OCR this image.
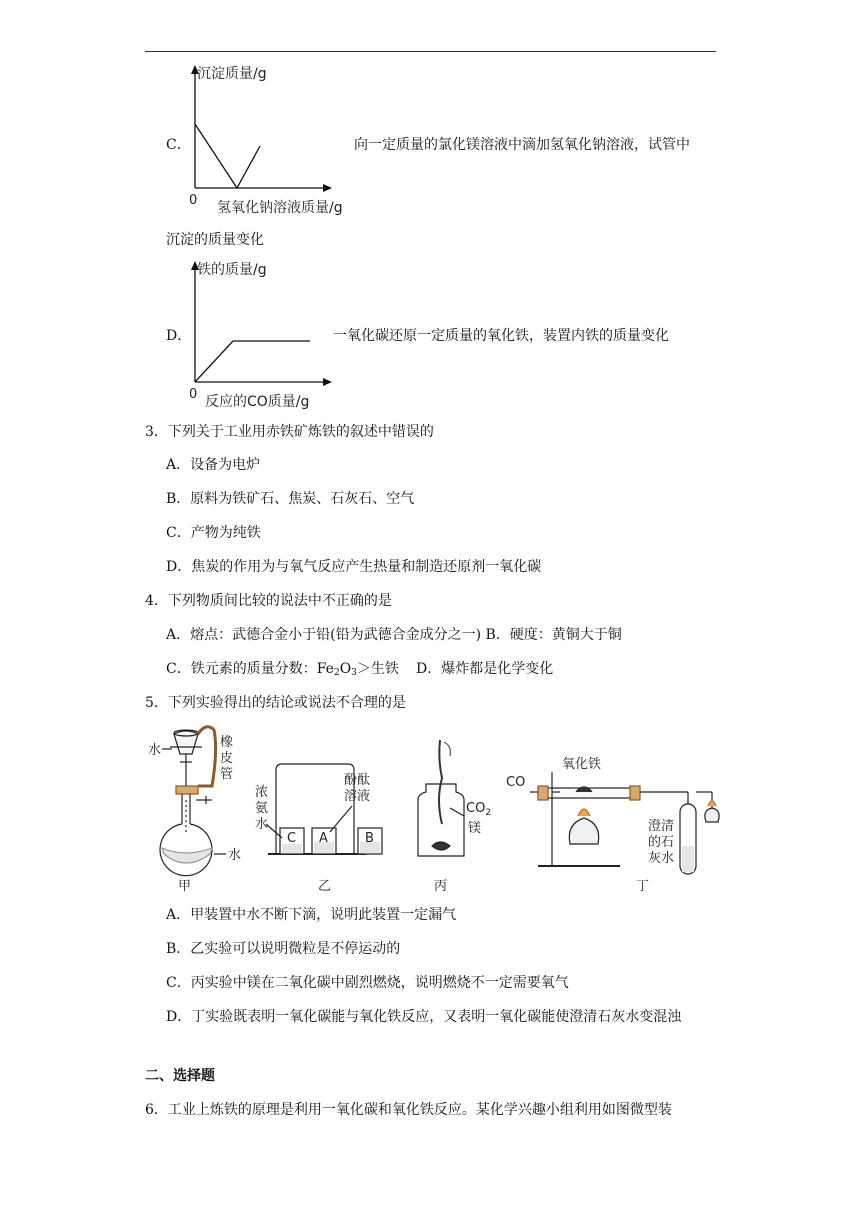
沉淀质量/g
0 氢氧化钠溶液质量/g
C．	向一定质量的氯化镁溶液中滴加氢氧化钠溶液，试管中
沉淀的质量变化
铁的质量/g
0 反应的CO质量/g
D．	一氧化碳还原一定质量的氧化铁，装置内铁的质量变化
3．下列关于工业用赤铁矿炼铁的叙述中错误的
A．设备为电炉
B．原料为铁矿石、焦炭、石灰石、空气
C．产物为纯铁
D．焦炭的作用为与氧气反应产生热量和制造还原剂一氧化碳
4．下列物质间比较的说法中不正确的是
A．熔点：武德合金小于铅(铅为武德合金成分之一) B．硬度：黄铜大于铜
C．铁元素的质量分数：$Fe_2O_3>$生铁 D．爆炸都是化学变化
5．下列实验得出的结论或说法不合理的是
水
橡
皮
管
水
甲
浓
氨
水
酚酞
溶液
C A	B
乙
$CO_2$
镁
丙
CO
氧化铁
澄清
的石
灰水
丁
A．甲装置中水不断下滴，说明此装置一定漏气
B．乙实验可以说明微粒是不停运动的
C．丙实验中镁在二氧化碳中剧烈燃烧，说明燃烧不一定需要氧气
D．丁实验既表明一氧化碳能与氧化铁反应，又表明一氧化碳能使澄清石灰水变混浊
二、选择题
6．工业上炼铁的原理是利用一氧化碳和氧化铁反应。某化学兴趣小组利用如图微型装
